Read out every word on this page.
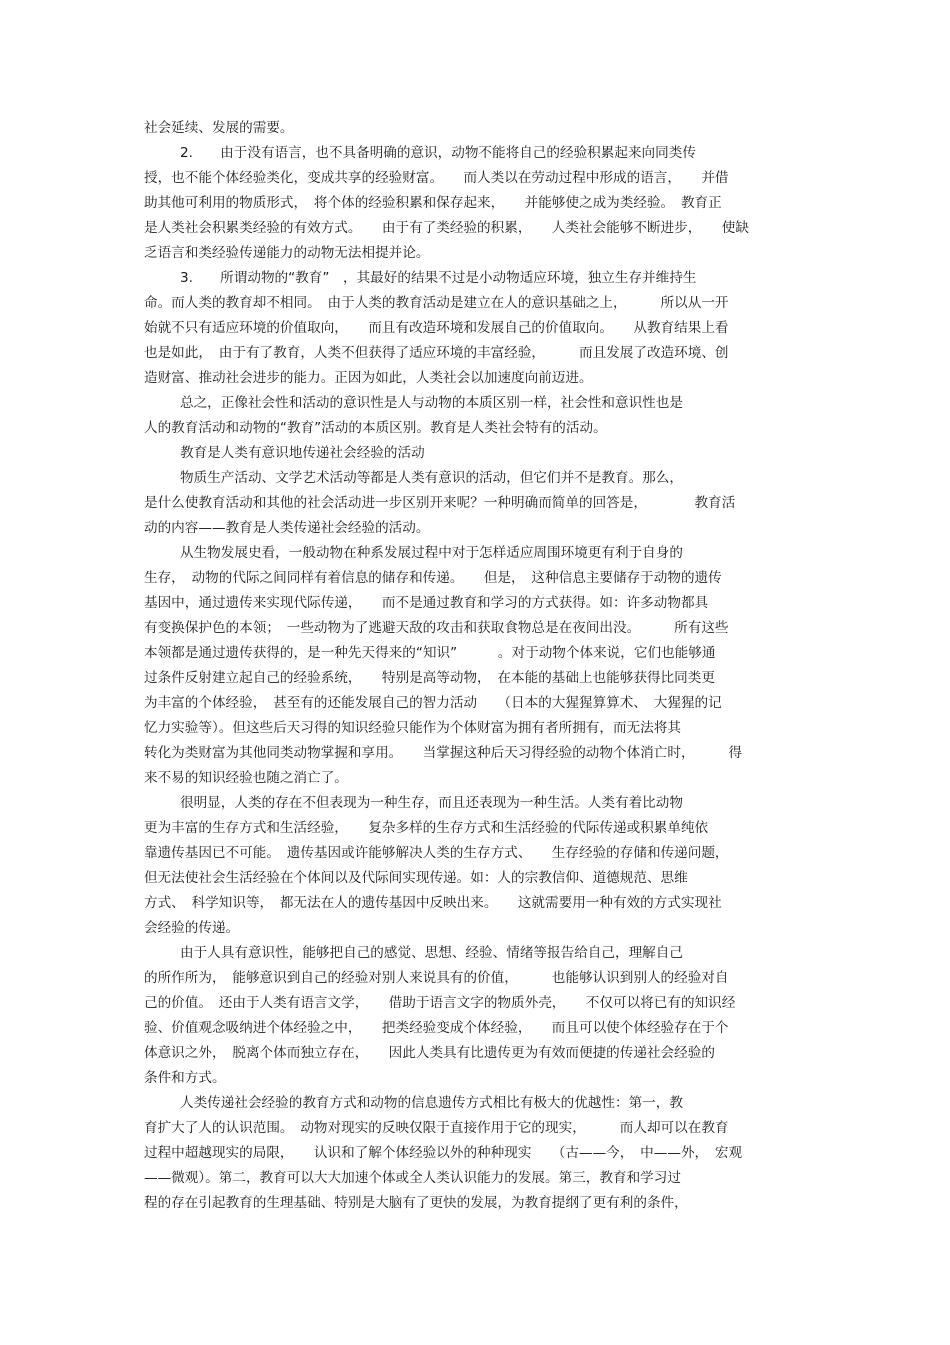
社会延续、发展的需要。
2.　　由于没有语言，也不具备明确的意识，动物不能将自己的经验积累起来向同类传
授，也不能个体经验类化，变成共享的经验财富。　　而人类以在劳动过程中形成的语言，　　并借
助其他可利用的物质形式，　将个体的经验积累和保存起来，　　并能够使之成为类经验。　教育正
是人类社会积累类经验的有效方式。　　由于有了类经验的积累，　　人类社会能够不断进步，　　使缺
乏语言和类经验传递能力的动物无法相提并论。
3.　　所谓动物的“教育”　，其最好的结果不过是小动物适应环境，独立生存并维持生
命。而人类的教育却不相同。　由于人类的教育活动是建立在人的意识基础之上，　　　所以从一开
始就不只有适应环境的价值取向，　　而且有改造环境和发展自己的价值取向。　　从教育结果上看
也是如此，　由于有了教育，人类不但获得了适应环境的丰富经验，　　　而且发展了改造环境、创
造财富、推动社会进步的能力。正因为如此，人类社会以加速度向前迈进。
总之，正像社会性和活动的意识性是人与动物的本质区别一样，社会性和意识性也是
人的教育活动和动物的“教育”活动的本质区别。教育是人类社会特有的活动。
教育是人类有意识地传递社会经验的活动
物质生产活动、文学艺术活动等都是人类有意识的活动，但它们并不是教育。那么，
是什么使教育活动和其他的社会活动进一步区别开来呢？一种明确而简单的回答是，　　　　教育活
动的内容——教育是人类传递社会经验的活动。
从生物发展史看，一般动物在种系发展过程中对于怎样适应周围环境更有利于自身的
生存，　动物的代际之间同样有着信息的储存和传递。　　但是，　这种信息主要储存于动物的遗传
基因中，通过遗传来实现代际传递，　　而不是通过教育和学习的方式获得。如：许多动物都具
有变换保护色的本领；　一些动物为了逃避天敌的攻击和获取食物总是在夜间出没。　　　所有这些
本领都是通过遗传获得的，是一种先天得来的“知识”　　　。对于动物个体来说，它们也能够通
过条件反射建立起自己的经验系统，　　特别是高等动物，　在本能的基础上也能够获得比同类更
为丰富的个体经验，　甚至有的还能发展自己的智力活动　　（日本的大猩猩算算术、　大猩猩的记
忆力实验等）。但这些后天习得的知识经验只能作为个体财富为拥有者所拥有，而无法将其
转化为类财富为其他同类动物掌握和享用。　　当掌握这种后天习得经验的动物个体消亡时，　　　得
来不易的知识经验也随之消亡了。
很明显，人类的存在不但表现为一种生存，而且还表现为一种生活。人类有着比动物
更为丰富的生存方式和生活经验，　　复杂多样的生存方式和生活经验的代际传递或积累单纯依
靠遗传基因已不可能。　遗传基因或许能够解决人类的生存方式、　　生存经验的存储和传递问题，
但无法使社会生活经验在个体间以及代际间实现传递。如：人的宗教信仰、道德规范、思维
方式、　科学知识等，　都无法在人的遗传基因中反映出来。　　这就需要用一种有效的方式实现社
会经验的传递。
由于人具有意识性，能够把自己的感觉、思想、经验、情绪等报告给自己，理解自己
的所作所为，　能够意识到自己的经验对别人来说具有的价值，　　　也能够认识到别人的经验对自
己的价值。　还由于人类有语言文学，　　借助于语言文字的物质外壳，　　不仅可以将已有的知识经
验、价值观念吸纳进个体经验之中，　　把类经验变成个体经验，　　而且可以使个体经验存在于个
体意识之外，　脱离个体而独立存在，　　因此人类具有比遗传更为有效而便捷的传递社会经验的
条件和方式。
人类传递社会经验的教育方式和动物的信息遗传方式相比有极大的优越性：第一，教
育扩大了人的认识范围。　动物对现实的反映仅限于直接作用于它的现实，　　　而人却可以在教育
过程中超越现实的局限，　　认识和了解个体经验以外的种种现实　　（古——今，　中——外，　宏观
——微观）。第二，教育可以大大加速个体或全人类认识能力的发展。第三，教育和学习过
程的存在引起教育的生理基础、特别是大脑有了更快的发展，为教育提纲了更有利的条件，
